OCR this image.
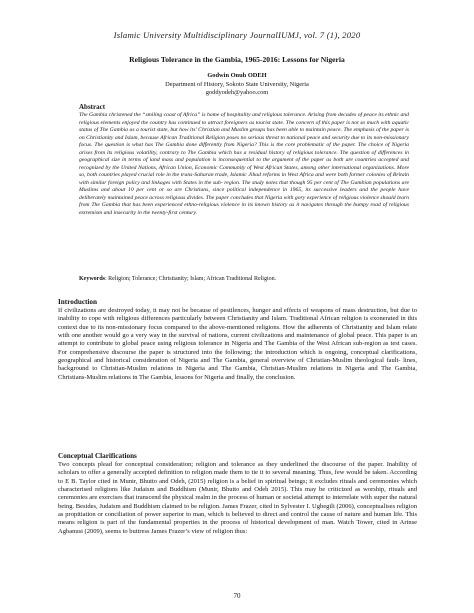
Islamic University Multidisciplinary JournalIUMJ, vol. 7 (1), 2020
Religious Tolerance in the Gambia, 1965-2016: Lessons for Nigeria
Godwin Onuh ODEH
Department of History, Sokoto State University, Nigeria
goddyodeh@yahoo.com
Abstract
The Gambia christened the “smiling coast of Africa” is home of hospitality and religious tolerance. Arising from decades of peace its ethnic and religious elements enjoyed the country has continued to attract foreigners as tourist state. The concern of this paper is not so much with aquatic status of The Gambia as a tourist state, but how its’ Christian and Muslim groups has been able to maintain peace. The emphasis of the paper is on Christianity and Islam, because African Traditional Religion poses no serious threat to national peace and security due to its non-missionary focus. The question is what has The Gambia done differently from Nigeria? This is the core problematic of the paper. The choice of Nigeria arises from its religious volatility, contrary to The Gambia which has a residual history of religious tolerance. The question of differences in geographical size in terms of land mass and population is inconsequential to the argument of the paper as both are countries accepted and recognized by the United Nations, African Union, Economic Community of West African States, among other international organizations. More so, both countries played crucial role in the trans-Saharan trade, Islamic Jihad reforms in West Africa and were both former colonies of Britain with similar foreign policy and linkages with States in the sub- region. The study notes that though 95 per cent of The Gambian populations are Muslims and about 10 per cent or so are Christians, since political independence in 1965, its successive leaders and the people have deliberately maintained peace across religious divides. The paper concludes that Nigeria with gory experience of religious violence should learn from The Gambia that has been experienced ethno-religious violence in its known history as it navigates through the bumpy road of religious extremism and insecurity in the twenty-first century.
Keywords: Religion; Tolerance; Christianity; Islam; African Traditional Religion.
Introduction
If civilizations are destroyed today, it may not be because of pestilences, hunger and effects of weapons of mass destruction, but due to inability to cope with religious differences particularly between Christianity and Islam. Traditional African religion is exonerated in this context due to its non-missionary focus compared to the above-mentioned religions. How the adherents of Christianity and Islam relate with one another would go a very way in the survival of nations, current civilizations and maintenance of global peace. This paper is an attempt to contribute to global peace using religious tolerance in Nigeria and The Gambia of the West African sub-region as test cases. For comprehensive discourse the paper is structured into the following; the introduction which is ongoing, conceptual clarifications, geographical and historical consideration of Nigeria and The Gambia, general overview of Christian-Muslim theological fault- lines, background to Christian-Muslim relations in Nigeria and The Gambia, Christian-Muslim relations in Nigeria and The Gambia, Christians-Muslim relations in The Gambia, lessons for Nigeria and finally, the conclusion.
Conceptual Clarifications
Two concepts plead for conceptual consideration; religion and tolerance as they underlined the discourse of the paper. Inability of scholars to offer a generally accepted definition to religion made them to tie it to several meaning. Thus, few would be taken. According to E B. Taylor cited in Munir, Bhutto and Odeh, (2015) religion is a belief in spiritual beings; it excludes rituals and ceremonies which characterised religions like Judaism and Buddhism (Munir, Bhutto and Odeh 2015). This may be criticized as worship, rituals and ceremonies are exercises that transcend the physical realm in the process of human or societal attempt to interrelate with super the natural being. Besides, Judaism and Buddhism claimed to be religion. James Frazer, cited in Sylvester I. Ugbegili (2006), conceptualises religion as propitiation or conciliation of power superior to man, which is believed to direct and control the cause of nature and human life. This means religion is part of the fundamental properties in the process of historical development of man. Watch Tower, cited in Arinse Agbanusi (2009), seems to buttress James Frazer’s view of religion thus:
70
